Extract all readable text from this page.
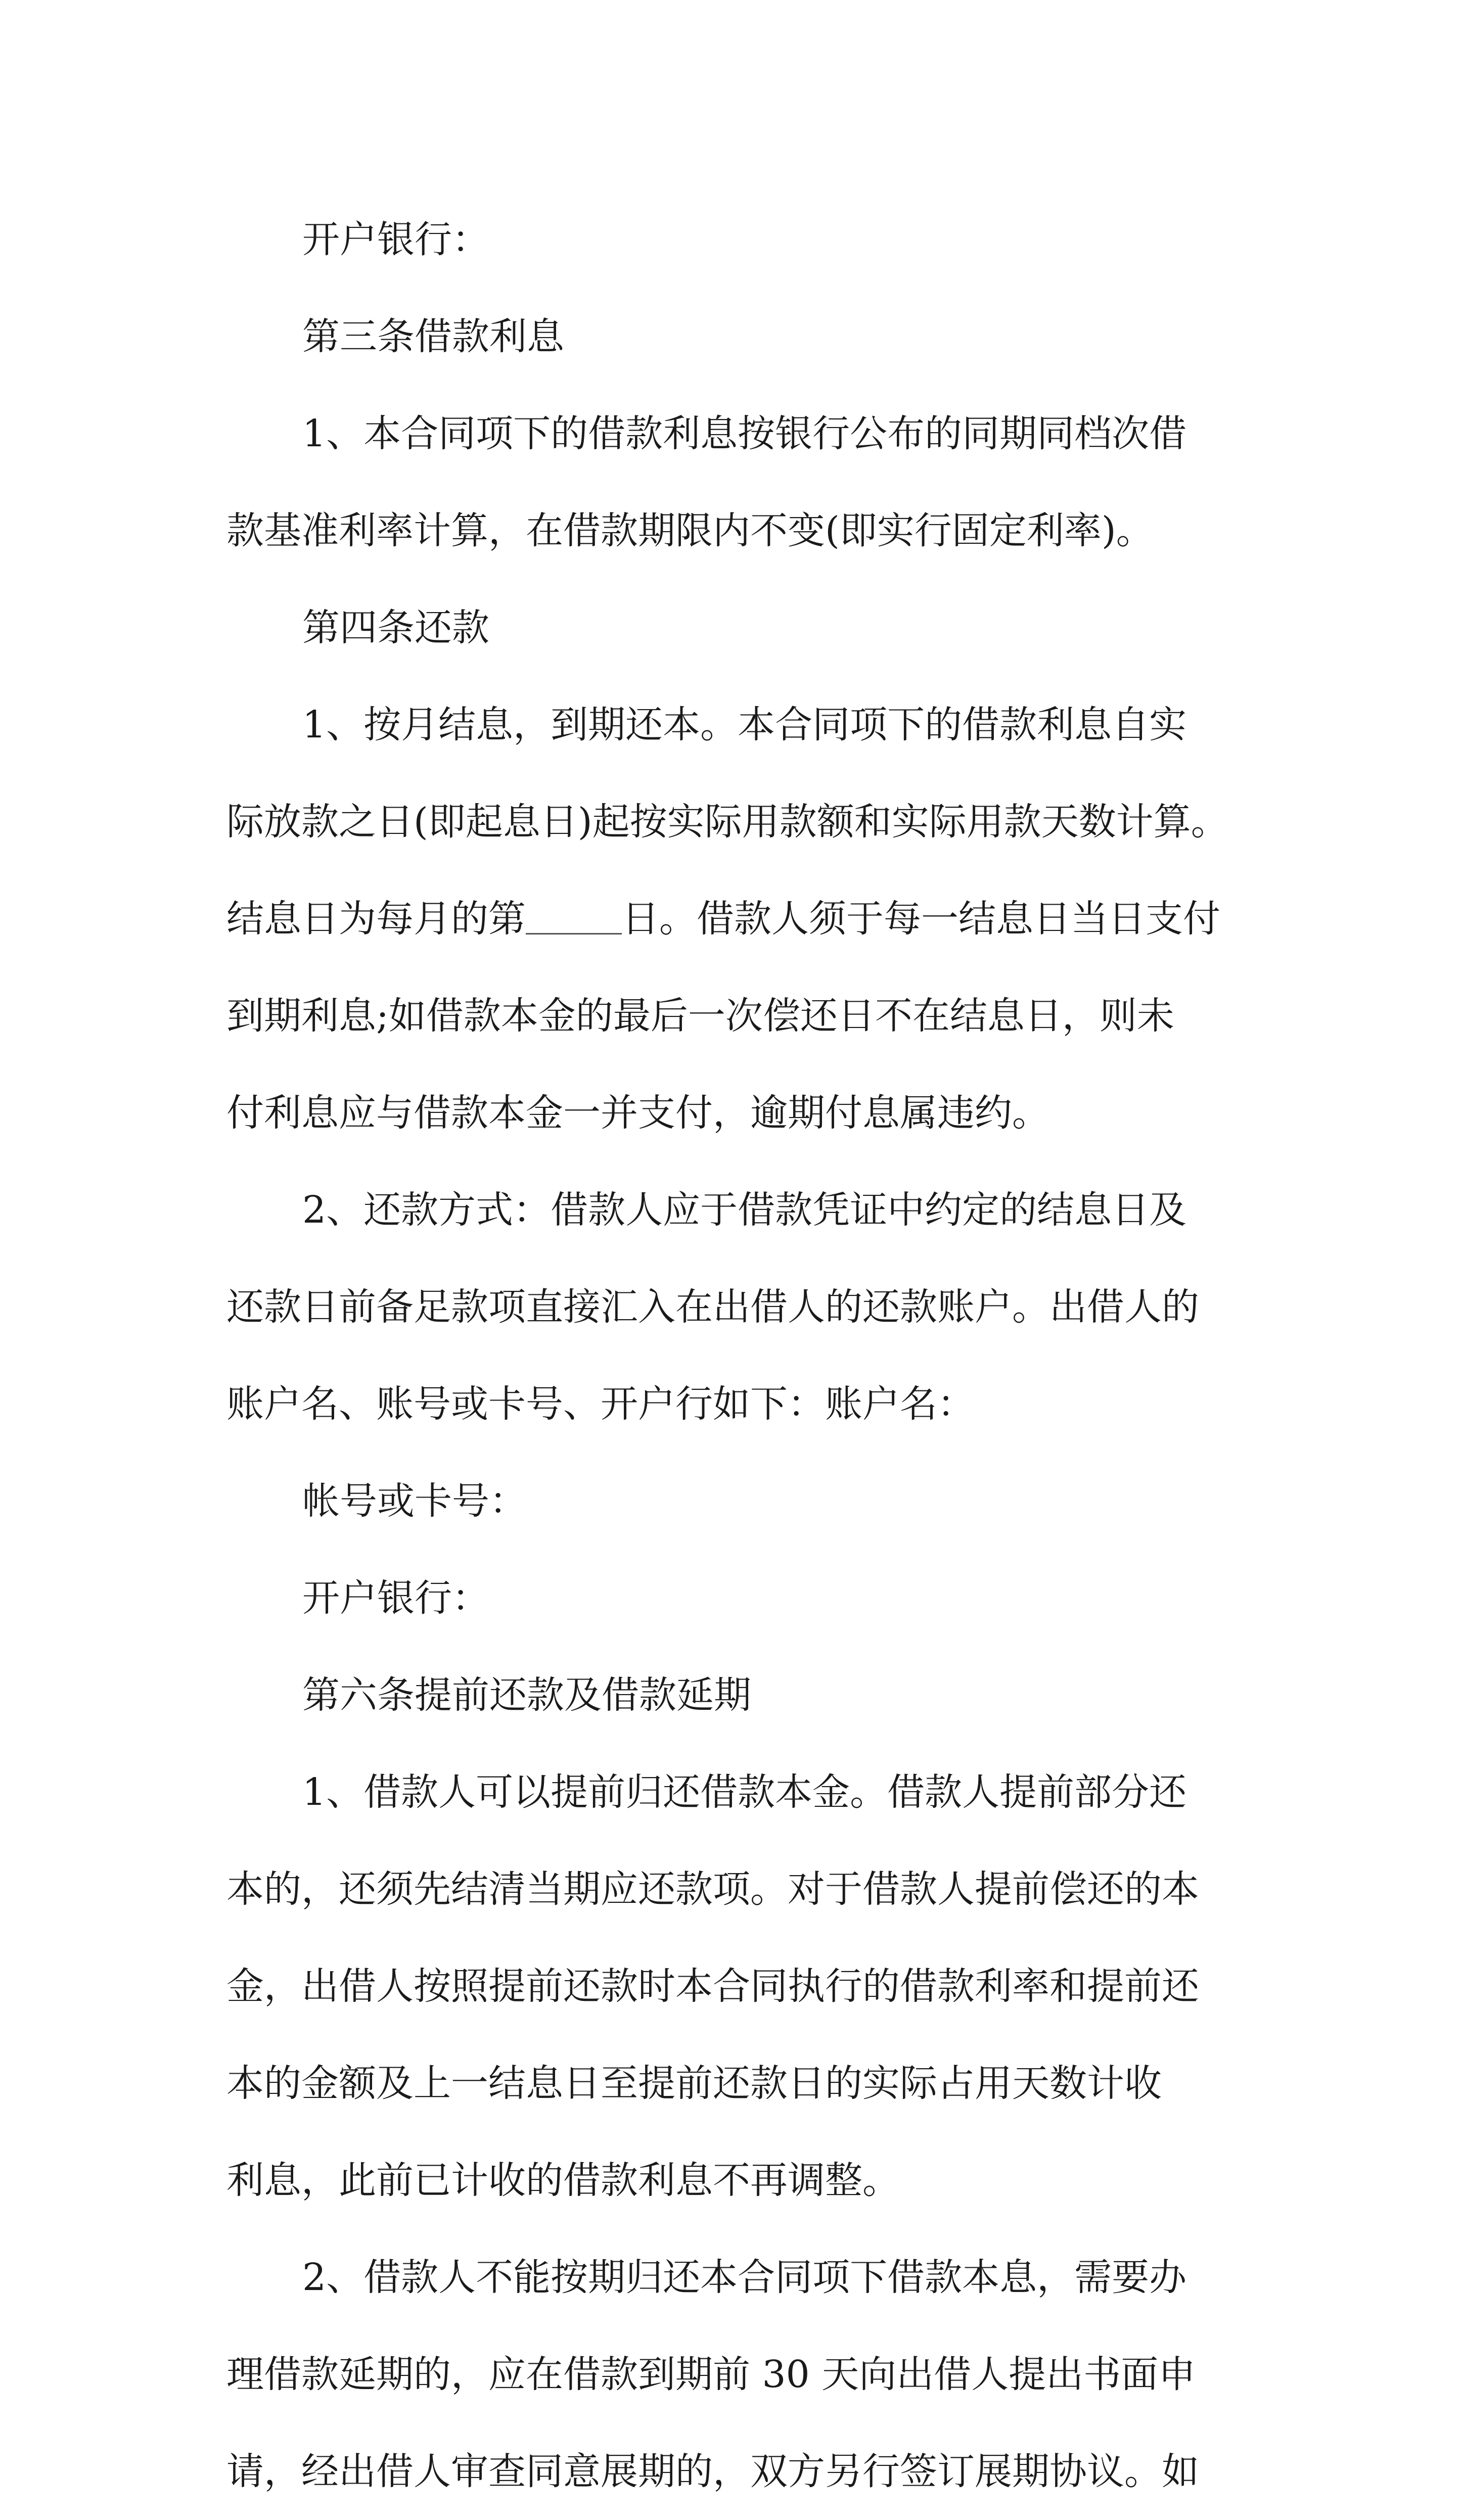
开户银行：

第三条借款利息

1、本合同项下的借款利息按银行公布的同期同档次借

款基准利率计算，在借款期限内不变(即实行固定利率)。

第四条还款

1、按月结息，到期还本。本合同项下的借款利息自实

际放款之日(即起息日)起按实际用款额和实际用款天数计算。

结息日为每月的第	日。借款人须于每一结息日当日支付

到期利息;如借款本金的最后一次偿还日不在结息日，则未

付利息应与借款本金一并支付，逾期付息属违约。

2、还款方式：借款人应于借款凭证中约定的结息日及

还款日前备足款项直接汇入在出借人的还款账户。出借人的

账户名、账号或卡号、开户行如下：账户名：

帐号或卡号：

开户银行：

第六条提前还款及借款延期

1、借款人可以提前归还借款本金。借款人提前部分还

本的，还须先结清当期应还款项。对于借款人提前偿还的本

金，出借人按照提前还款时本合同执行的借款利率和提前还

本的金额及上一结息日至提前还款日的实际占用天数计收

利息，此前已计收的借款利息不再调整。

2、借款人不能按期归还本合同项下借款本息，需要办

理借款延期的，应在借款到期前 30 天向出借人提出书面申

请，经出借人审查同意展期的，双方另行签订展期协议。如
